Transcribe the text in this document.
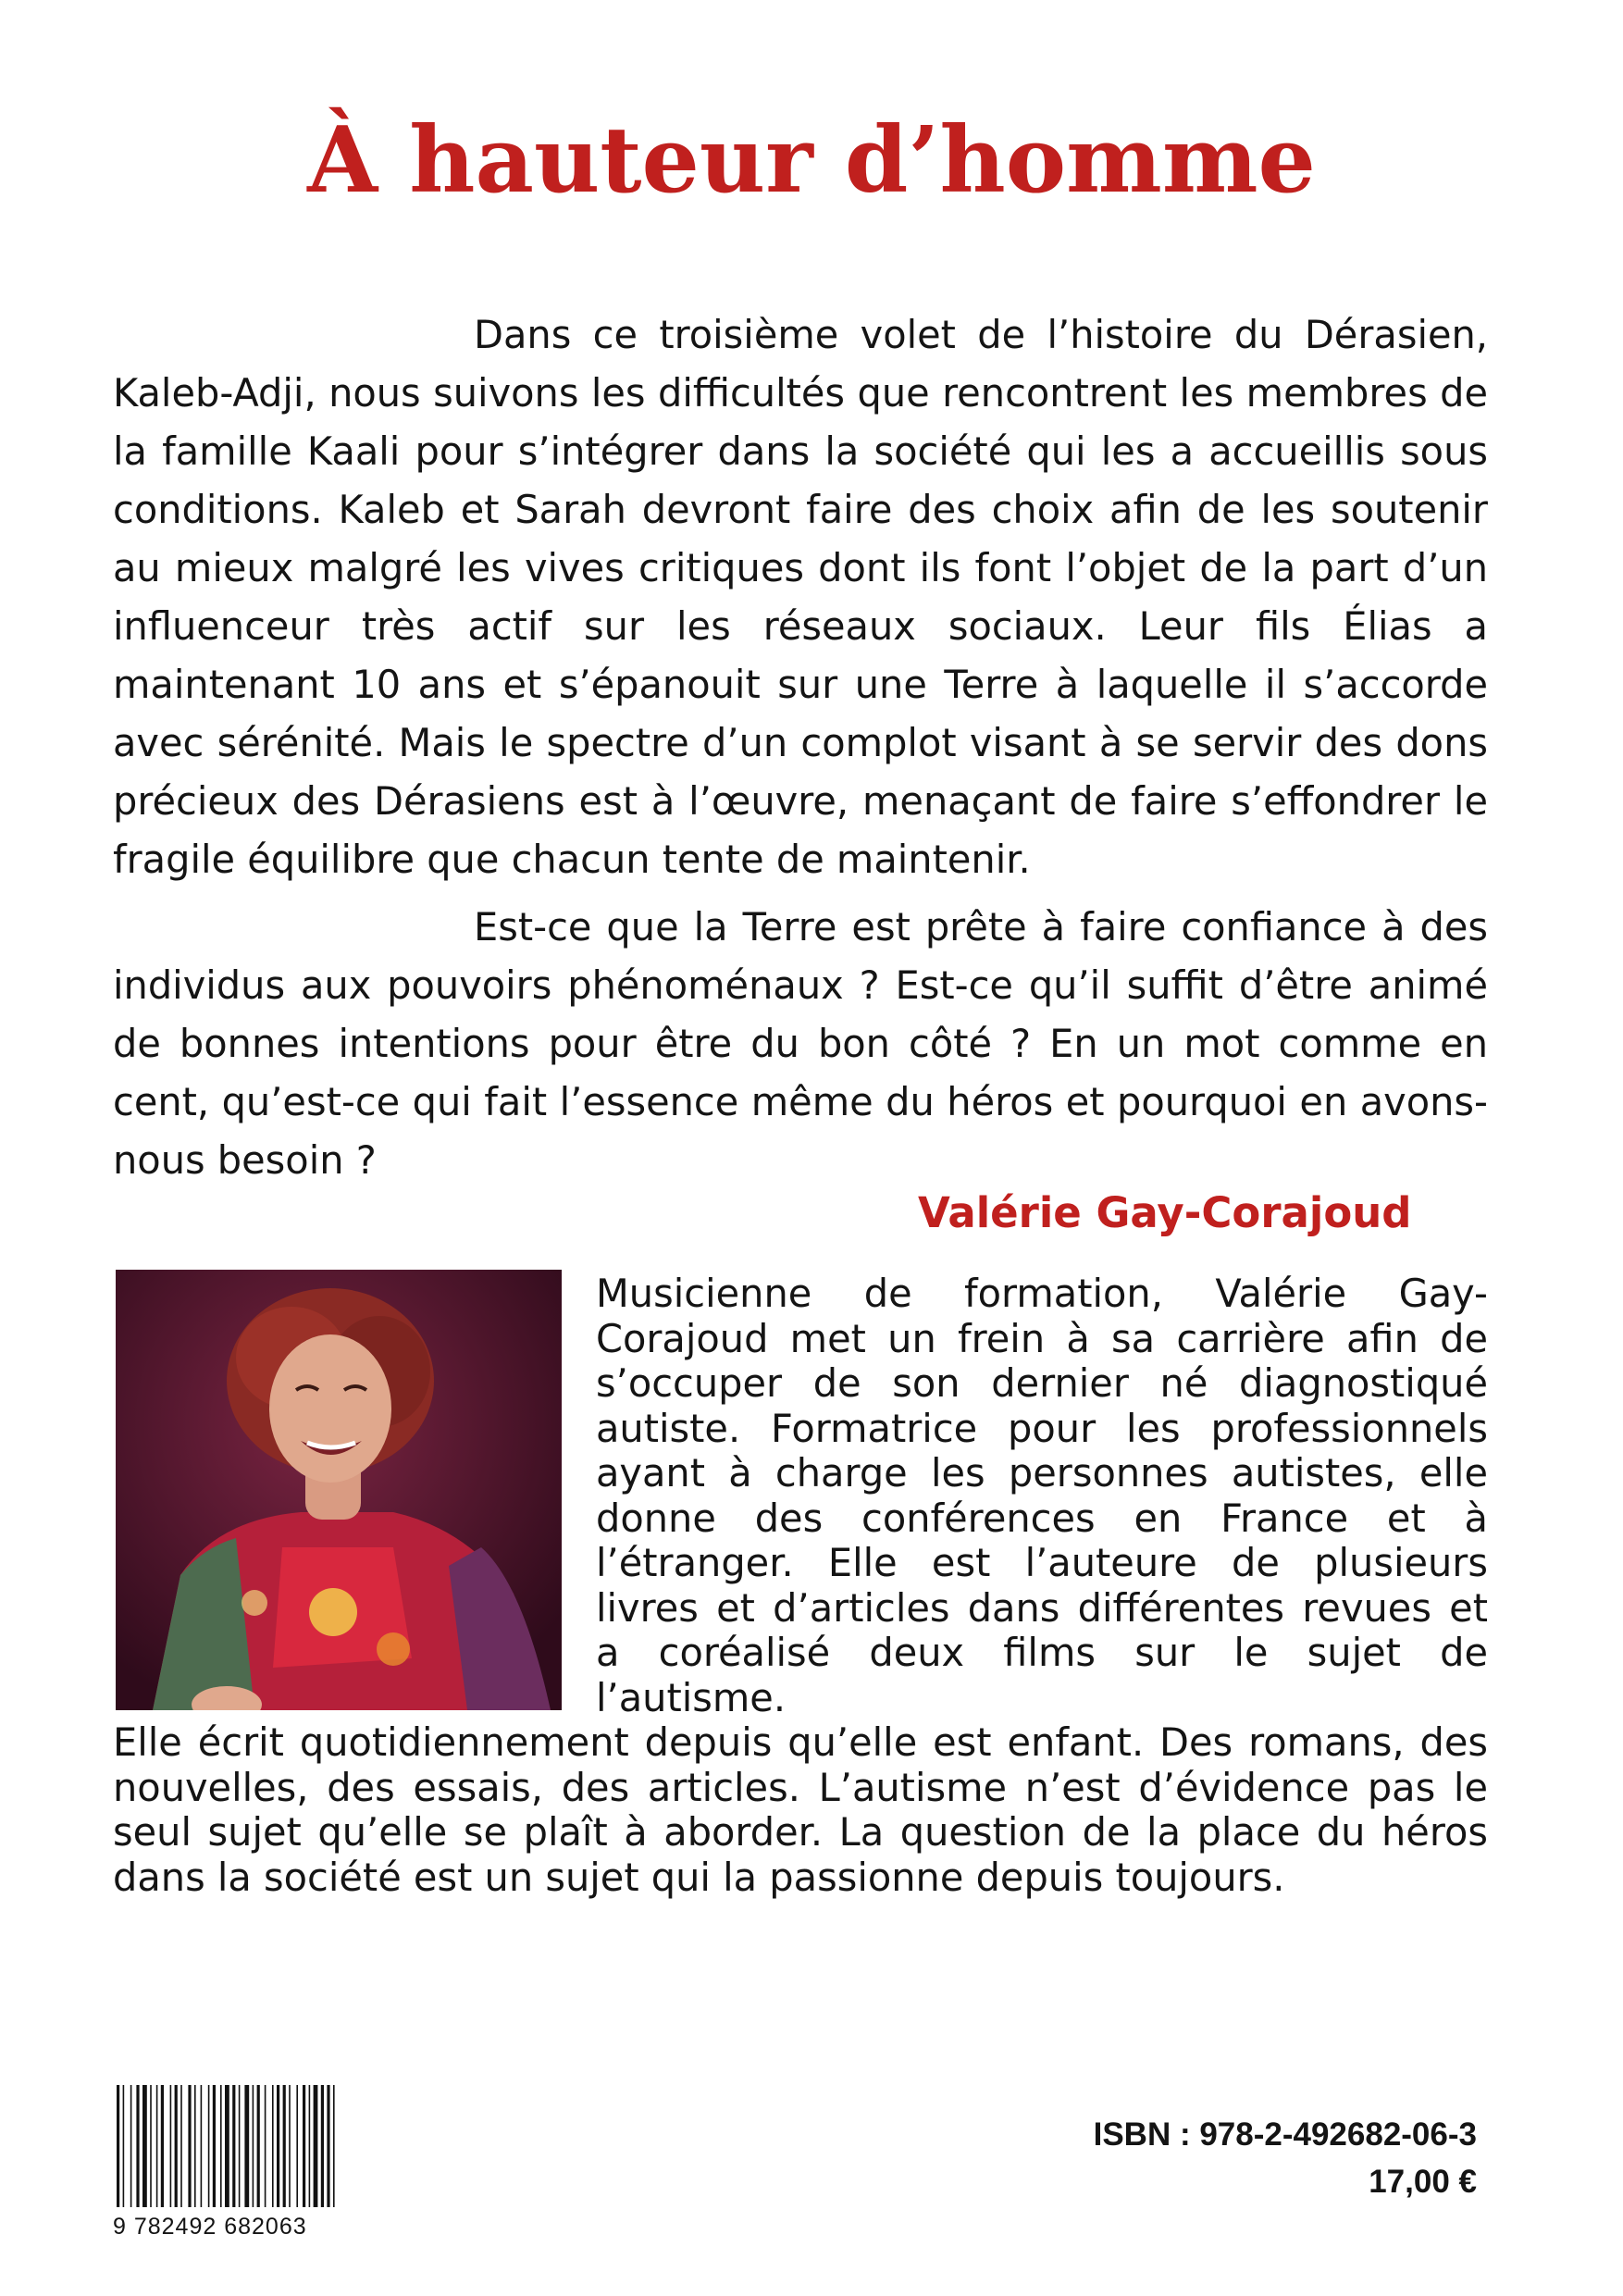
À hauteur d’homme

Dans ce troisième volet de l’histoire du Dérasien, Kaleb-Adji, nous suivons les difficultés que rencontrent les membres de la famille Kaali pour s’intégrer dans la société qui les a accueillis sous conditions. Kaleb et Sarah devront faire des choix afin de les soutenir au mieux malgré les vives critiques dont ils font l’objet de la part d’un influenceur très actif sur les réseaux sociaux. Leur fils Élias a maintenant 10 ans et s’épanouit sur une Terre à laquelle il s’accorde avec sérénité. Mais le spectre d’un complot visant à se servir des dons précieux des Dérasiens est à l’œuvre, menaçant de faire s’effondrer le fragile équilibre que chacun tente de maintenir.

Est-ce que la Terre est prête à faire confiance à des individus aux pouvoirs phénoménaux ? Est-ce qu’il suffit d’être animé de bonnes intentions pour être du bon côté ? En un mot comme en cent, qu’est-ce qui fait l’essence même du héros et pourquoi en avons-nous besoin ?

Valérie Gay-Corajoud

Musicienne de formation, Valérie Gay-Corajoud met un frein à sa carrière afin de s’occuper de son dernier né diagnostiqué autiste. Formatrice pour les professionnels ayant à charge les personnes autistes, elle donne des conférences en France et à l’étranger. Elle est l’auteure de plusieurs livres et d’articles dans différentes revues et a coréalisé deux films sur le sujet de l’autisme.

Elle écrit quotidiennement depuis qu’elle est enfant. Des romans, des nouvelles, des essais, des articles. L’autisme n’est d’évidence pas le seul sujet qu’elle se plaît à aborder. La question de la place du héros dans la société est un sujet qui la passionne depuis toujours.

9 782492 682063
ISBN : 978-2-492682-06-3
17,00 €
